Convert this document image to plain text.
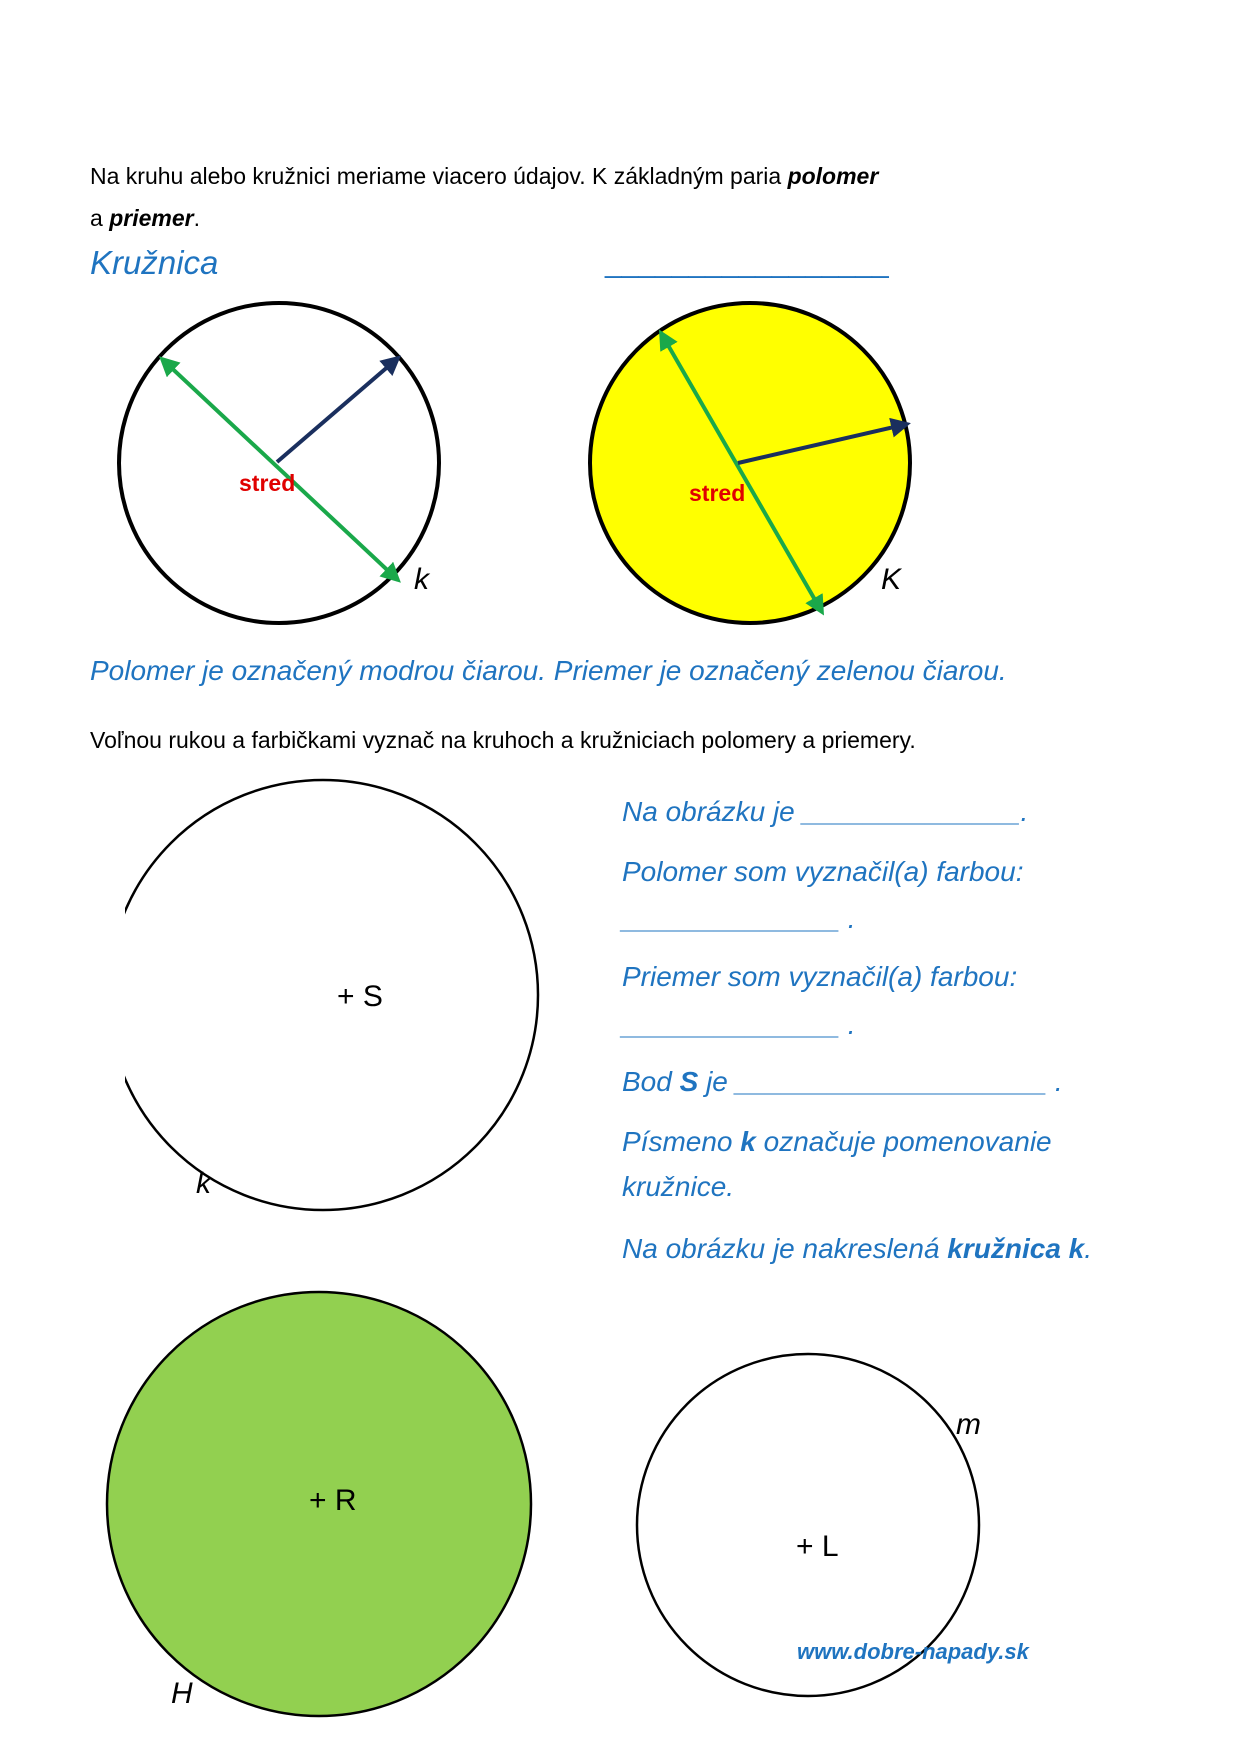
Na kruhu alebo kružnici meriame viacero údajov. K základným paria polomer
a priemer.
Kružnica	_________________
stred
k
stred
K
Polomer je označený modrou čiarou. Priemer je označený zelenou čiarou.
Voľnou rukou a farbičkami vyznač na kruhoch a kružniciach polomery a priemery.
+ S
k
Na obrázku je ______________.
Polomer som vyznačil(a) farbou:
______________ .
Priemer som vyznačil(a) farbou:
______________ .
Bod S je ____________________ .
Písmeno k označuje pomenovanie
kružnice.
Na obrázku je nakreslená kružnica k.
+ R
H
+ L
m
www.dobre-napady.sk
